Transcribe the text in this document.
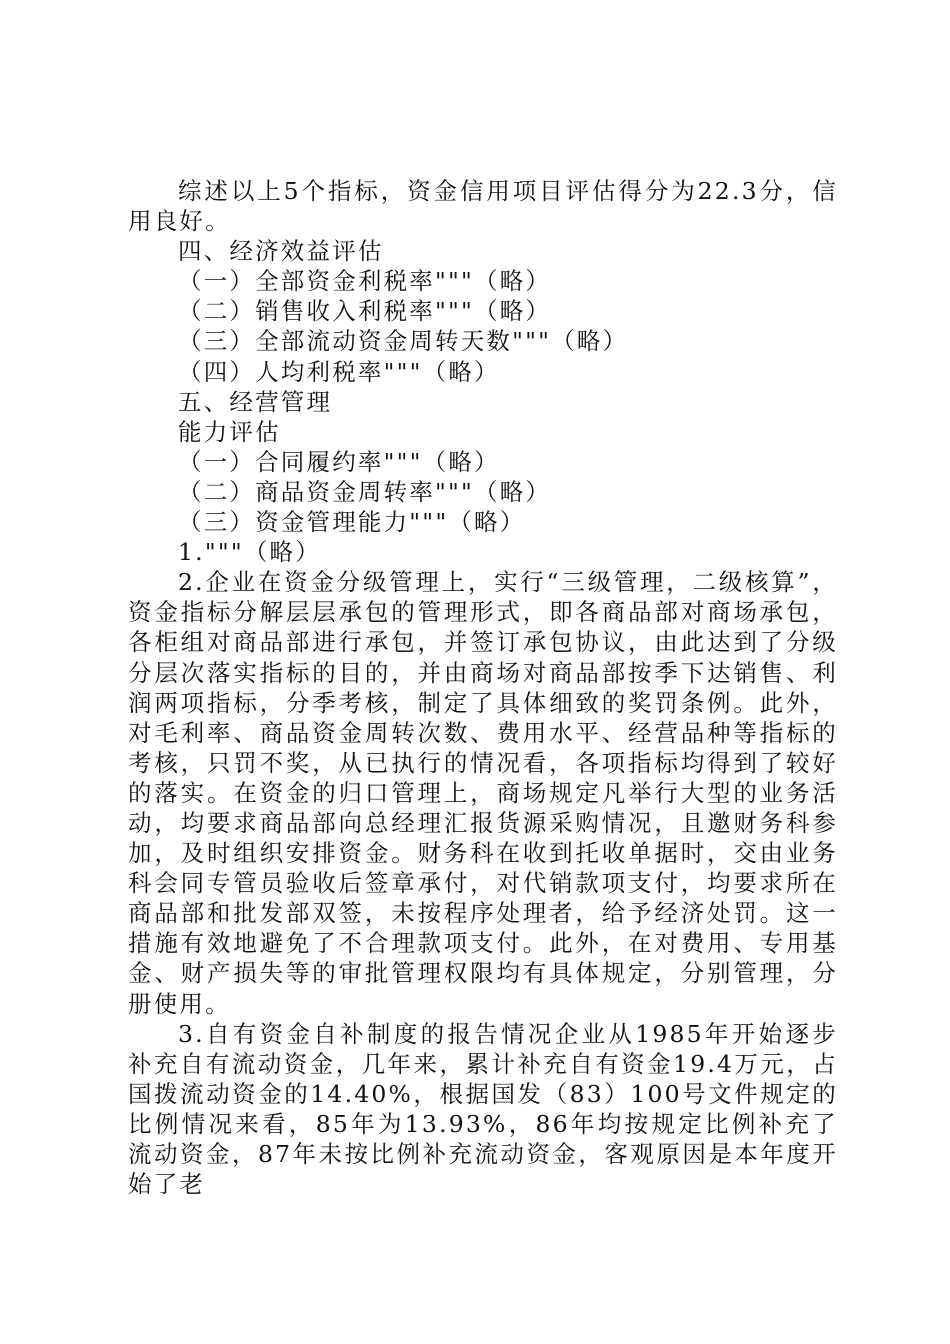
综述以上5个指标，资金信用项目评估得分为22.3分，信用良好。

四、经济效益评估

（一）全部资金利税率"""（略）

（二）销售收入利税率"""（略）

（三）全部流动资金周转天数"""（略）

（四）人均利税率"""（略）

五、经营管理

能力评估

（一）合同履约率"""（略）

（二）商品资金周转率"""（略）

（三）资金管理能力"""（略）

1."""（略）

2.企业在资金分级管理上，实行“三级管理，二级核算”，资金指标分解层层承包的管理形式，即各商品部对商场承包，各柜组对商品部进行承包，并签订承包协议，由此达到了分级分层次落实指标的目的，并由商场对商品部按季下达销售、利润两项指标，分季考核，制定了具体细致的奖罚条例。此外，对毛利率、商品资金周转次数、费用水平、经营品种等指标的考核，只罚不奖，从已执行的情况看，各项指标均得到了较好的落实。在资金的归口管理上，商场规定凡举行大型的业务活动，均要求商品部向总经理汇报货源采购情况，且邀财务科参加，及时组织安排资金。财务科在收到托收单据时，交由业务科会同专管员验收后签章承付，对代销款项支付，均要求所在商品部和批发部双签，未按程序处理者，给予经济处罚。这一措施有效地避免了不合理款项支付。此外，在对费用、专用基金、财产损失等的审批管理权限均有具体规定，分别管理，分册使用。

3.自有资金自补制度的报告情况企业从1985年开始逐步补充自有流动资金，几年来，累计补充自有资金19.4万元，占国拨流动资金的14.40%，根据国发（83）100号文件规定的比例情况来看，85年为13.93%，86年均按规定比例补充了流动资金，87年未按比例补充流动资金，客观原因是本年度开始了老
